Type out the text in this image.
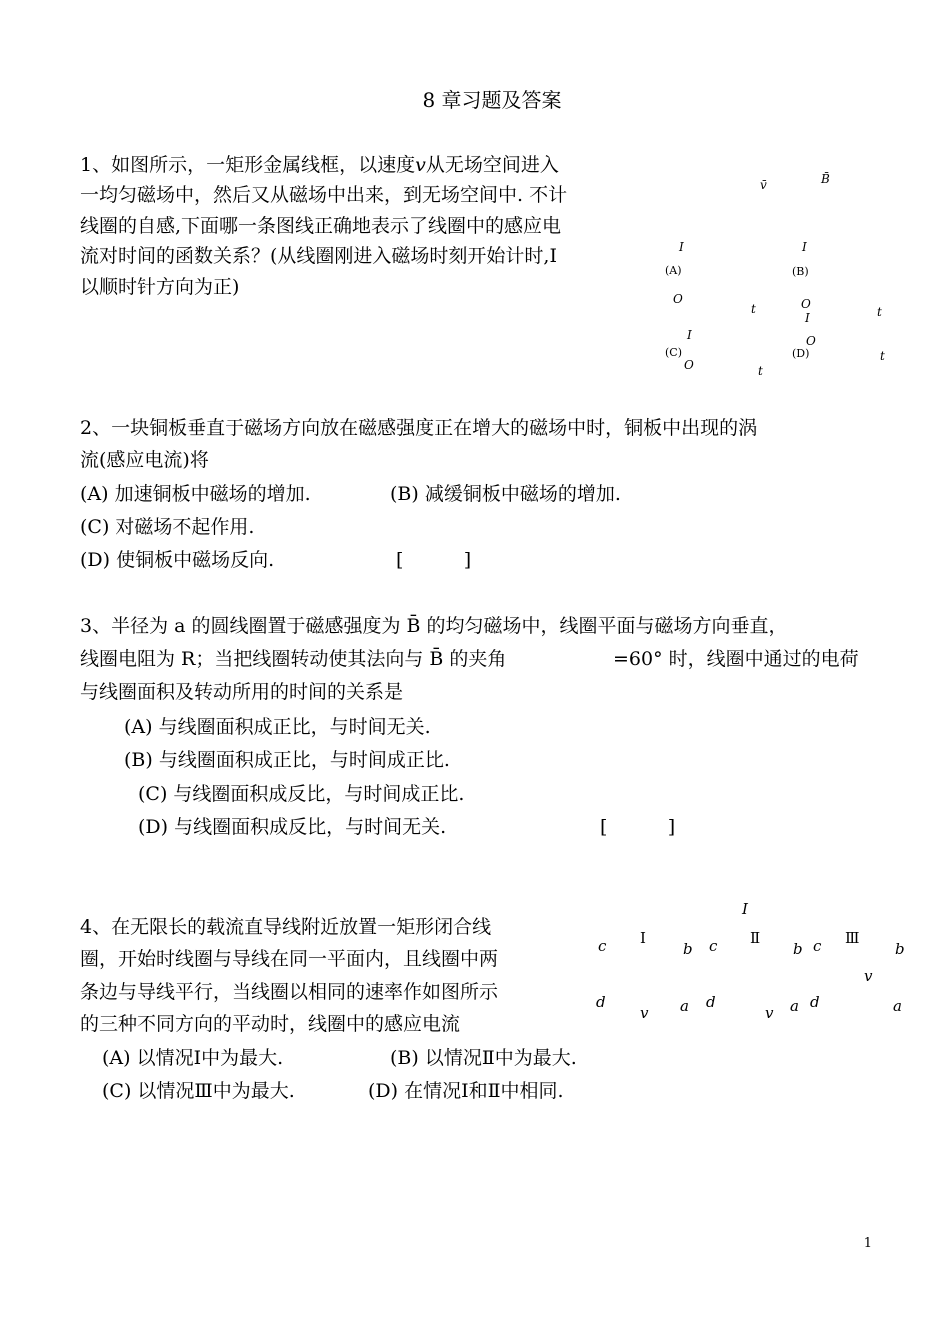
8 章习题及答案
1、如图所示，一矩形金属线框，以速度𝑣从无场空间进入
一均匀磁场中，然后又从磁场中出来，到无场空间中. 不计
线圈的自感,下面哪一条图线正确地表示了线圈中的感应电
流对时间的函数关系？(从线圈刚进入磁场时刻开始计时,I
以顺时针方向为正)
v̄	B̄
I
(A)
O
t
I
(B)
O
t
I
(C)
O	t
I
(D)
O
t
2、一块铜板垂直于磁场方向放在磁感强度正在增大的磁场中时，铜板中出现的涡
流(感应电流)将
(A) 加速铜板中磁场的增加.	(B) 减缓铜板中磁场的增加.
(C) 对磁场不起作用.
(D) 使铜板中磁场反向.	[          ]
3、半径为 a 的圆线圈置于磁感强度为 B̄ 的均匀磁场中，线圈平面与磁场方向垂直，
线圈电阻为 R；当把线圈转动使其法向与 B̄ 的夹角	=60° 时，线圈中通过的电荷
与线圈面积及转动所用的时间的关系是
(A) 与线圈面积成正比，与时间无关.
(B) 与线圈面积成正比，与时间成正比.
(C) 与线圈面积成反比，与时间成正比.
(D) 与线圈面积成反比，与时间无关.	[          ]
4、在无限长的载流直导线附近放置一矩形闭合线
圈，开始时线圈与导线在同一平面内，且线圈中两
条边与导线平行，当线圈以相同的速率作如图所示
的三种不同方向的平动时，线圈中的感应电流
(A) 以情况Ⅰ中为最大.	(B) 以情况Ⅱ中为最大.
(C) 以情况Ⅲ中为最大.	(D) 在情况Ⅰ和Ⅱ中相同.
I
Ⅰ	Ⅱ	Ⅲ
c	b
d
v a
c	b
d
v a
c	b
v
d	a
1
